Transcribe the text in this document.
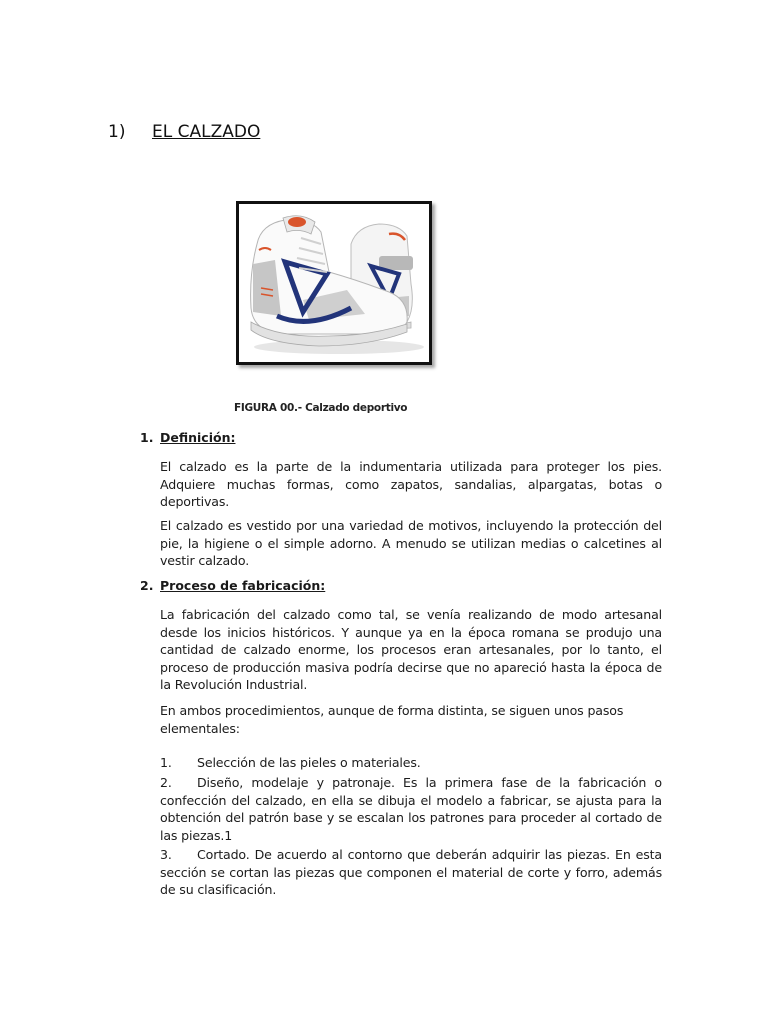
1) EL CALZADO
FIGURA 00.- Calzado deportivo
1. Definición:

El calzado es la parte de la indumentaria utilizada para proteger los pies. Adquiere muchas formas, como zapatos, sandalias, alpargatas, botas o deportivas.

El calzado es vestido por una variedad de motivos, incluyendo la protección del pie, la higiene o el simple adorno. A menudo se utilizan medias o calcetines al vestir calzado.

2. Proceso de fabricación:

La fabricación del calzado como tal, se venía realizando de modo artesanal desde los inicios históricos. Y aunque ya en la época romana se produjo una cantidad de calzado enorme, los procesos eran artesanales, por lo tanto, el proceso de producción masiva podría decirse que no apareció hasta la época de la Revolución Industrial.

En ambos procedimientos, aunque de forma distinta, se siguen unos pasos elementales:

1. Selección de las pieles o materiales.

2. Diseño, modelaje y patronaje. Es la primera fase de la fabricación o confección del calzado, en ella se dibuja el modelo a fabricar, se ajusta para la obtención del patrón base y se escalan los patrones para proceder al cortado de las piezas.1

3. Cortado. De acuerdo al contorno que deberán adquirir las piezas. En esta sección se cortan las piezas que componen el material de corte y forro, además de su clasificación.
